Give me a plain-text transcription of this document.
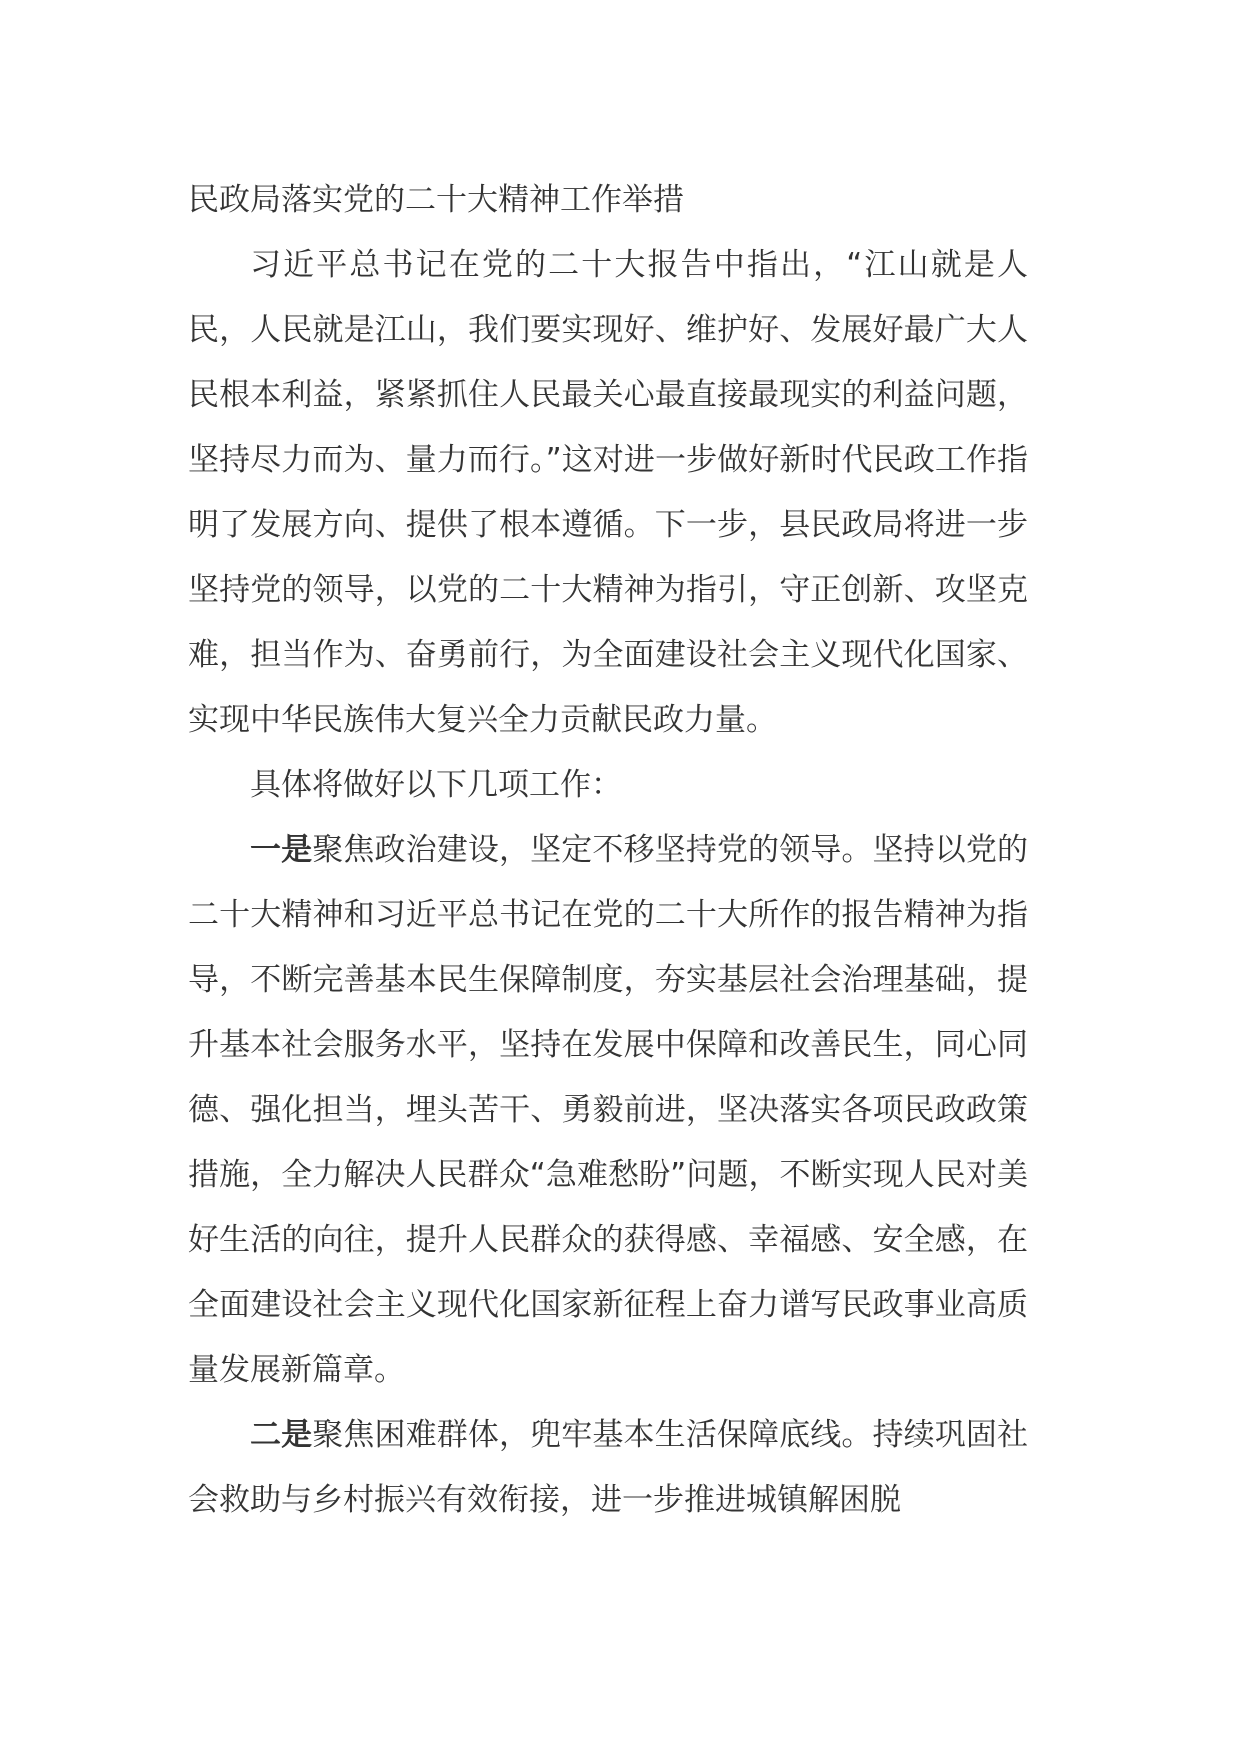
民政局落实党的二十大精神工作举措

习近平总书记在党的二十大报告中指出，“江山就是人民，人民就是江山，我们要实现好、维护好、发展好最广大人民根本利益，紧紧抓住人民最关心最直接最现实的利益问题，坚持尽力而为、量力而行。”这对进一步做好新时代民政工作指明了发展方向、提供了根本遵循。下一步，县民政局将进一步坚持党的领导，以党的二十大精神为指引，守正创新、攻坚克难，担当作为、奋勇前行，为全面建设社会主义现代化国家、实现中华民族伟大复兴全力贡献民政力量。

具体将做好以下几项工作：

一是聚焦政治建设，坚定不移坚持党的领导。坚持以党的二十大精神和习近平总书记在党的二十大所作的报告精神为指导，不断完善基本民生保障制度，夯实基层社会治理基础，提升基本社会服务水平，坚持在发展中保障和改善民生，同心同德、强化担当，埋头苦干、勇毅前进，坚决落实各项民政政策措施，全力解决人民群众“急难愁盼”问题，不断实现人民对美好生活的向往，提升人民群众的获得感、幸福感、安全感，在全面建设社会主义现代化国家新征程上奋力谱写民政事业高质量发展新篇章。

二是聚焦困难群体，兜牢基本生活保障底线。持续巩固社会救助与乡村振兴有效衔接，进一步推进城镇解困脱
